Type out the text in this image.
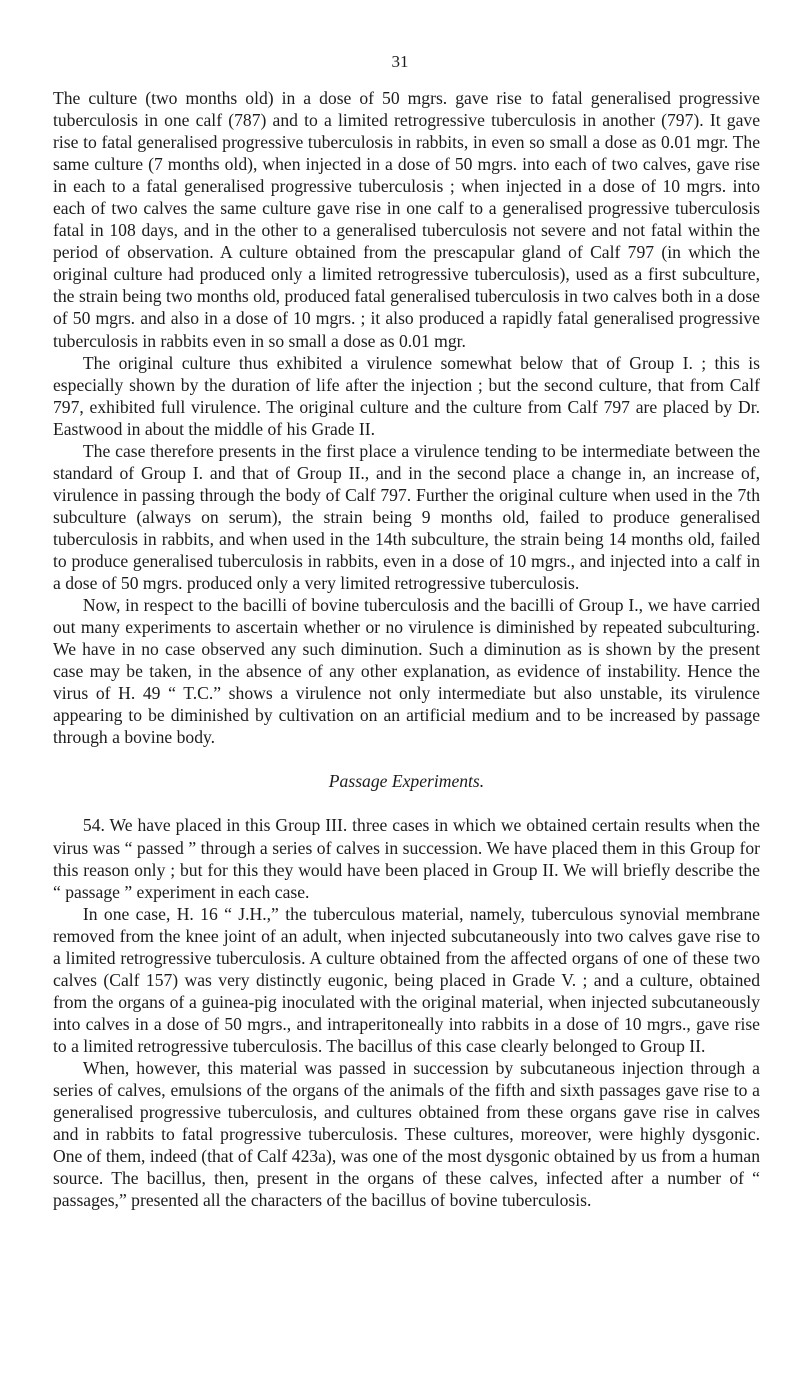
31

The culture (two months old) in a dose of 50 mgrs. gave rise to fatal generalised progressive tuberculosis in one calf (787) and to a limited retrogressive tuberculosis in another (797). It gave rise to fatal generalised progressive tuberculosis in rabbits, in even so small a dose as 0.01 mgr. The same culture (7 months old), when injected in a dose of 50 mgrs. into each of two calves, gave rise in each to a fatal generalised progressive tuberculosis ; when injected in a dose of 10 mgrs. into each of two calves the same culture gave rise in one calf to a generalised progressive tuberculosis fatal in 108 days, and in the other to a generalised tuberculosis not severe and not fatal within the period of observation. A culture obtained from the prescapular gland of Calf 797 (in which the original culture had produced only a limited retrogressive tuberculosis), used as a first subculture, the strain being two months old, produced fatal generalised tuberculosis in two calves both in a dose of 50 mgrs. and also in a dose of 10 mgrs. ; it also produced a rapidly fatal generalised progressive tuberculosis in rabbits even in so small a dose as 0.01 mgr.

The original culture thus exhibited a virulence somewhat below that of Group I. ; this is especially shown by the duration of life after the injection ; but the second culture, that from Calf 797, exhibited full virulence. The original culture and the culture from Calf 797 are placed by Dr. Eastwood in about the middle of his Grade II.

The case therefore presents in the first place a virulence tending to be intermediate between the standard of Group I. and that of Group II., and in the second place a change in, an increase of, virulence in passing through the body of Calf 797. Further the original culture when used in the 7th subculture (always on serum), the strain being 9 months old, failed to produce generalised tuberculosis in rabbits, and when used in the 14th subculture, the strain being 14 months old, failed to produce generalised tuberculosis in rabbits, even in a dose of 10 mgrs., and injected into a calf in a dose of 50 mgrs. produced only a very limited retrogressive tuberculosis.

Now, in respect to the bacilli of bovine tuberculosis and the bacilli of Group I., we have carried out many experiments to ascertain whether or no virulence is diminished by repeated subculturing. We have in no case observed any such diminution. Such a diminution as is shown by the present case may be taken, in the absence of any other explanation, as evidence of instability. Hence the virus of H. 49 “ T.C.” shows a virulence not only intermediate but also unstable, its virulence appearing to be diminished by cultivation on an artificial medium and to be increased by passage through a bovine body.

Passage Experiments.

54. We have placed in this Group III. three cases in which we obtained certain results when the virus was “ passed ” through a series of calves in succession. We have placed them in this Group for this reason only ; but for this they would have been placed in Group II. We will briefly describe the “ passage ” experiment in each case.

In one case, H. 16 “ J.H.,” the tuberculous material, namely, tuberculous synovial membrane removed from the knee joint of an adult, when injected subcutaneously into two calves gave rise to a limited retrogressive tuberculosis. A culture obtained from the affected organs of one of these two calves (Calf 157) was very distinctly eugonic, being placed in Grade V. ; and a culture, obtained from the organs of a guinea-pig inoculated with the original material, when injected subcutaneously into calves in a dose of 50 mgrs., and intraperitoneally into rabbits in a dose of 10 mgrs., gave rise to a limited retrogressive tuberculosis. The bacillus of this case clearly belonged to Group II.

When, however, this material was passed in succession by subcutaneous injection through a series of calves, emulsions of the organs of the animals of the fifth and sixth passages gave rise to a generalised progressive tuberculosis, and cultures obtained from these organs gave rise in calves and in rabbits to fatal progressive tuberculosis. These cultures, moreover, were highly dysgonic. One of them, indeed (that of Calf 423a), was one of the most dysgonic obtained by us from a human source. The bacillus, then, present in the organs of these calves, infected after a number of “ passages,” presented all the characters of the bacillus of bovine tuberculosis.
